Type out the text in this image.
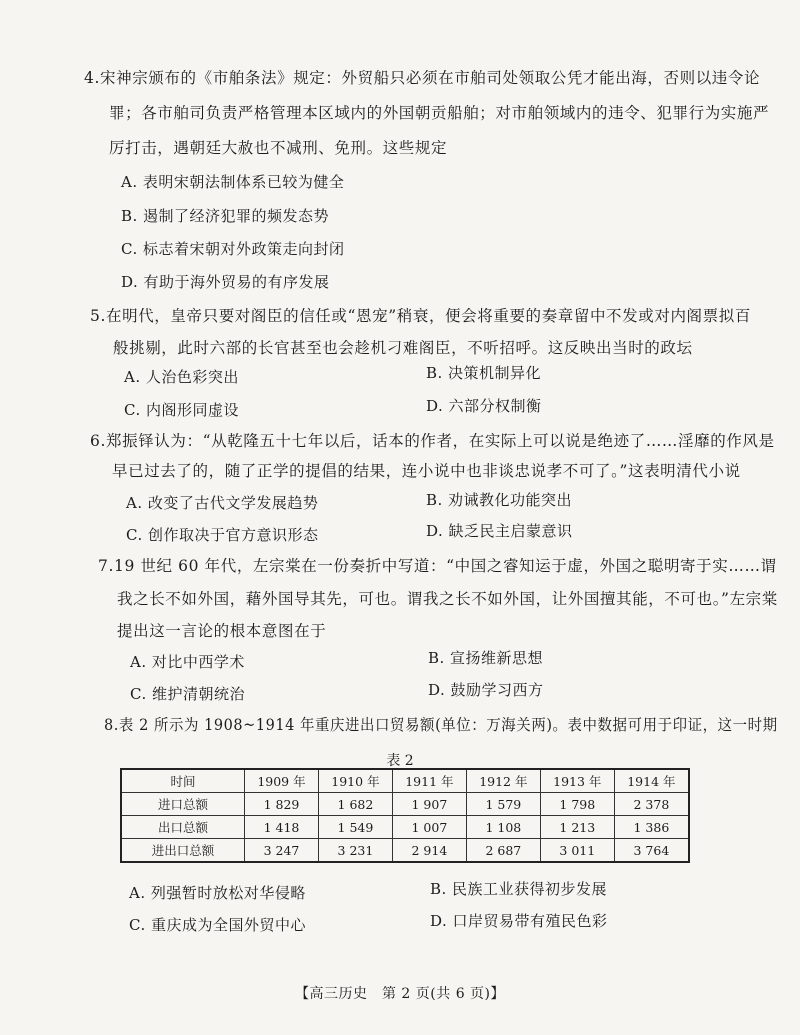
4.宋神宗颁布的《市舶条法》规定：外贸船只必须在市舶司处领取公凭才能出海，否则以违令论
罪；各市舶司负责严格管理本区域内的外国朝贡船舶；对市舶领域内的违令、犯罪行为实施严
厉打击，遇朝廷大赦也不减刑、免刑。这些规定
A. 表明宋朝法制体系已较为健全
B. 遏制了经济犯罪的频发态势
C. 标志着宋朝对外政策走向封闭
D. 有助于海外贸易的有序发展
5.在明代，皇帝只要对阁臣的信任或“恩宠”稍衰，便会将重要的奏章留中不发或对内阁票拟百
般挑剔，此时六部的长官甚至也会趁机刁难阁臣，不听招呼。这反映出当时的政坛
A. 人治色彩突出	B. 决策机制异化
C. 内阁形同虚设	D. 六部分权制衡
6.郑振铎认为：“从乾隆五十七年以后，话本的作者，在实际上可以说是绝迹了……淫靡的作风是
早已过去了的，随了正学的提倡的结果，连小说中也非谈忠说孝不可了。”这表明清代小说
A. 改变了古代文学发展趋势	B. 劝诫教化功能突出
C. 创作取决于官方意识形态	D. 缺乏民主启蒙意识
7.19 世纪 60 年代，左宗棠在一份奏折中写道：“中国之睿知运于虚，外国之聪明寄于实……谓
我之长不如外国，藉外国导其先，可也。谓我之长不如外国，让外国擅其能，不可也。”左宗棠
提出这一言论的根本意图在于
A. 对比中西学术	B. 宣扬维新思想
C. 维护清朝统治	D. 鼓励学习西方
8.表 2 所示为 1908~1914 年重庆进出口贸易额(单位：万海关两)。表中数据可用于印证，这一时期
表 2
时间	1909 年	1910 年	1911 年	1912 年	1913 年	1914 年
进口总额	1 829	1 682	1 907	1 579	1 798	2 378
出口总额	1 418	1 549	1 007	1 108	1 213	1 386
进出口总额	3 247	3 231	2 914	2 687	3 011	3 764
A. 列强暂时放松对华侵略	B. 民族工业获得初步发展
C. 重庆成为全国外贸中心	D. 口岸贸易带有殖民色彩
【高三历史　第 2 页(共 6 页)】
